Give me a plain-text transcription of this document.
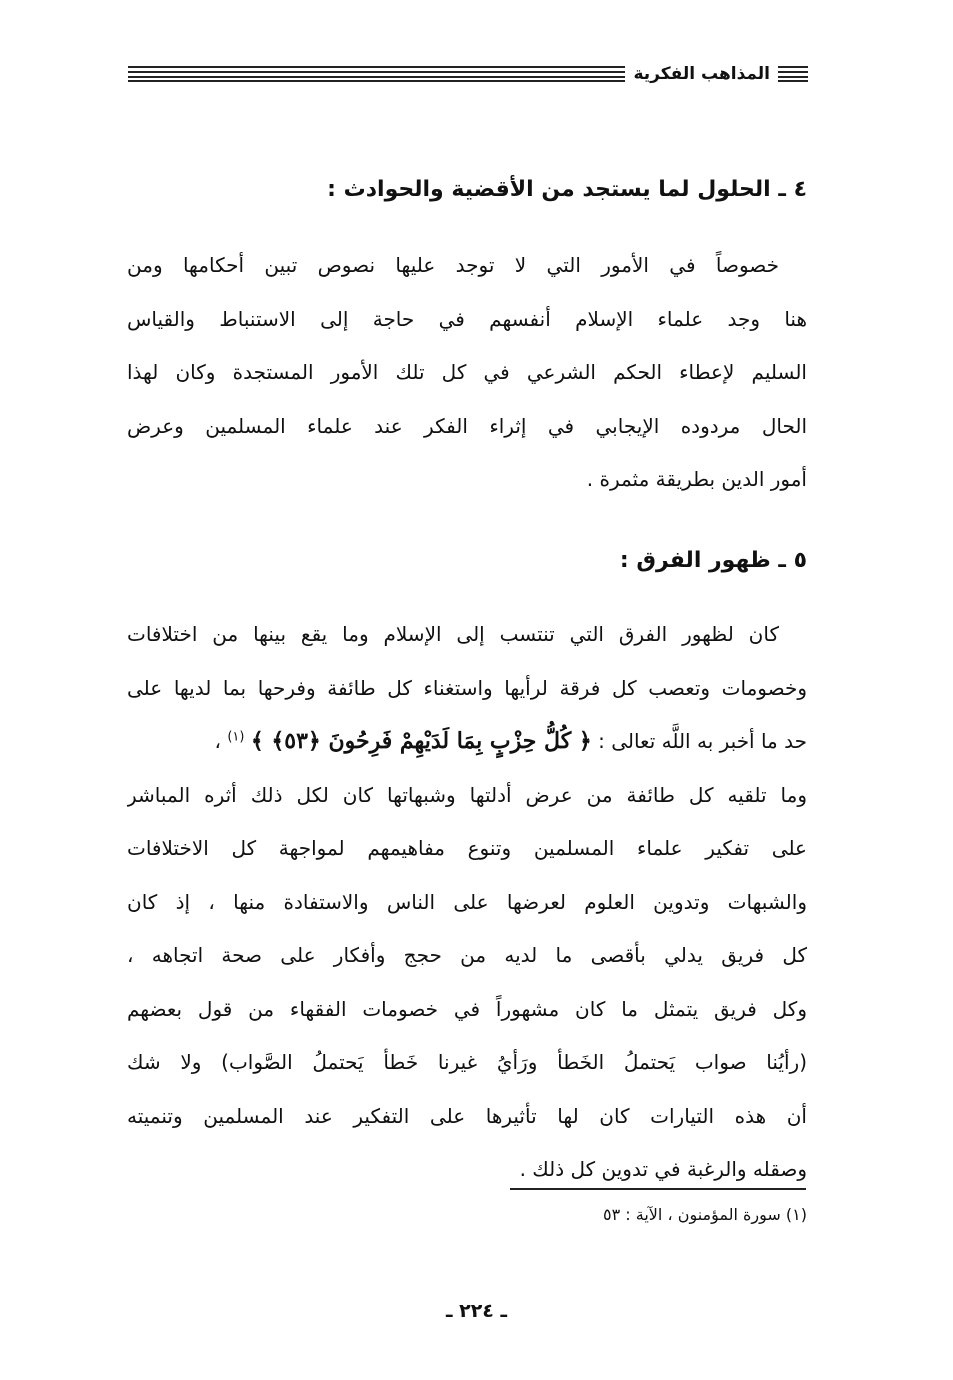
المذاهب الفكرية
٤ ـ الحلول لما يستجد من الأقضية والحوادث :
خصوصاً في الأمور التي لا توجد عليها نصوص تبين أحكامها ومن
هنا وجد علماء الإسلام أنفسهم في حاجة إلى الاستنباط والقياس
السليم لإعطاء الحكم الشرعي في كل تلك الأمور المستجدة وكان لهذا
الحال مردوده الإيجابي في إثراء الفكر عند علماء المسلمين وعرض
أمور الدين بطريقة مثمرة .
٥ ـ ظهور الفرق :
كان لظهور الفرق التي تنتسب إلى الإسلام وما يقع بينها من اختلافات
وخصومات وتعصب كل فرقة لرأيها واستغناء كل طائفة وفرحها بما لديها على
حد ما أخبر به اللَّه تعالى : ﴿ كُلُّ حِزْبٍ بِمَا لَدَيْهِمْ فَرِحُونَ ﴿٥٣﴾ ﴾ $^{(١)}$ ،
وما تلقيه كل طائفة من عرض أدلتها وشبهاتها كان لكل ذلك أثره المباشر
على تفكير علماء المسلمين وتنوع مفاهيمهم لمواجهة كل الاختلافات
والشبهات وتدوين العلوم لعرضها على الناس والاستفادة منها ، إذ كان
كل فريق يدلي بأقصى ما لديه من حجج وأفكار على صحة اتجاهه ،
وكل فريق يتمثل ما كان مشهوراً في خصومات الفقهاء من قول بعضهم
(رأيُنا صواب يَحتملُ الخَطأ ورَأيُ غيرنا خَطأ يَحتملُ الصَّواب) ولا شك
أن هذه التيارات كان لها تأثيرها على التفكير عند المسلمين وتنميته
وصقله والرغبة في تدوين كل ذلك .
(١) سورة المؤمنون ، الآية : ٥٣
ـ ٢٢٤ ـ
